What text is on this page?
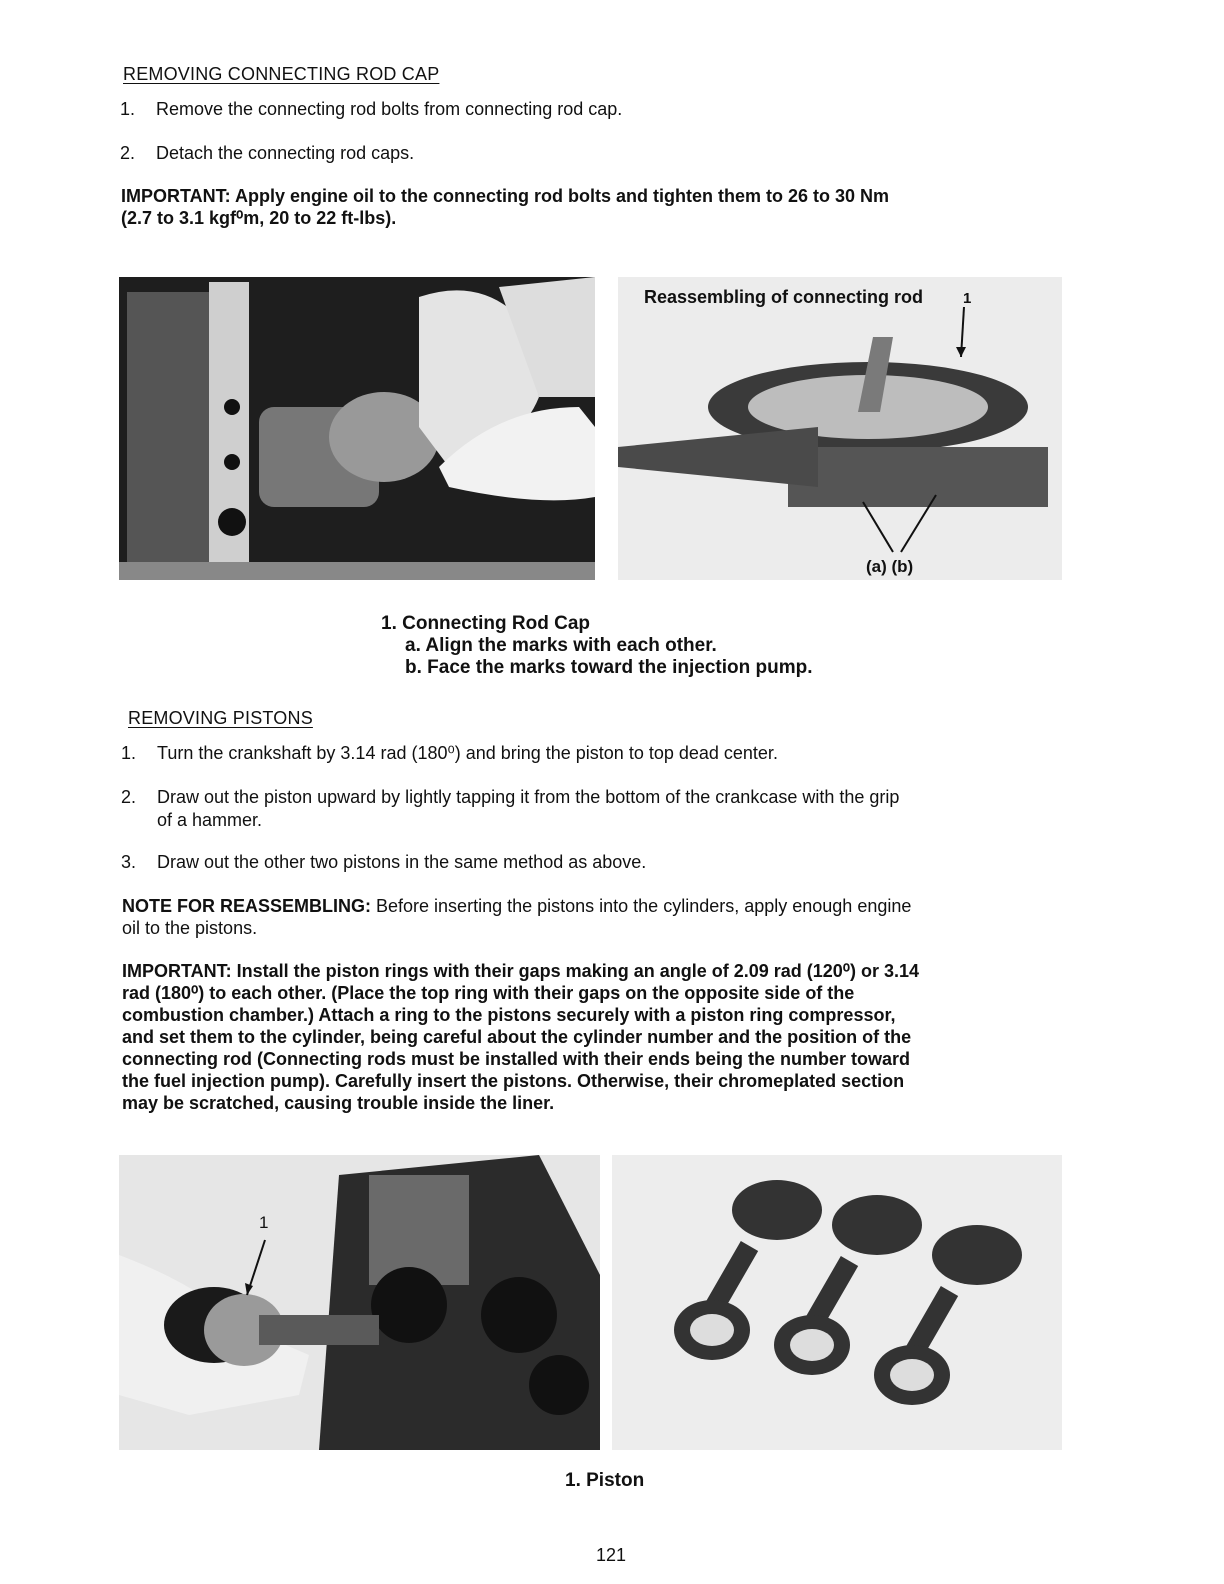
REMOVING CONNECTING ROD CAP
1.	Remove the connecting rod bolts from connecting rod cap.
2.	Detach the connecting rod caps.
IMPORTANT: Apply engine oil to the connecting rod bolts and tighten them to 26 to 30 Nm
(2.7 to 3.1 kgf⁰m, 20 to 22 ft-lbs).
Reassembling of connecting rod	1
(a) (b)
1. Connecting Rod Cap
a. Align the marks with each other.
b. Face the marks toward the injection pump.
REMOVING PISTONS
1.	Turn the crankshaft by 3.14 rad (180⁰) and bring the piston to top dead center.
2.	Draw out the piston upward by lightly tapping it from the bottom of the crankcase with the grip
of a hammer.
3.	Draw out the other two pistons in the same method as above.
NOTE FOR REASSEMBLING: Before inserting the pistons into the cylinders, apply enough engine
oil to the pistons.
IMPORTANT: Install the piston rings with their gaps making an angle of 2.09 rad (120⁰) or 3.14
rad (180⁰) to each other. (Place the top ring with their gaps on the opposite side of the
combustion chamber.) Attach a ring to the pistons securely with a piston ring compressor,
and set them to the cylinder, being careful about the cylinder number and the position of the
connecting rod (Connecting rods must be installed with their ends being the number toward
the fuel injection pump). Carefully insert the pistons. Otherwise, their chromeplated section
may be scratched, causing trouble inside the liner.
1
1. Piston
121
